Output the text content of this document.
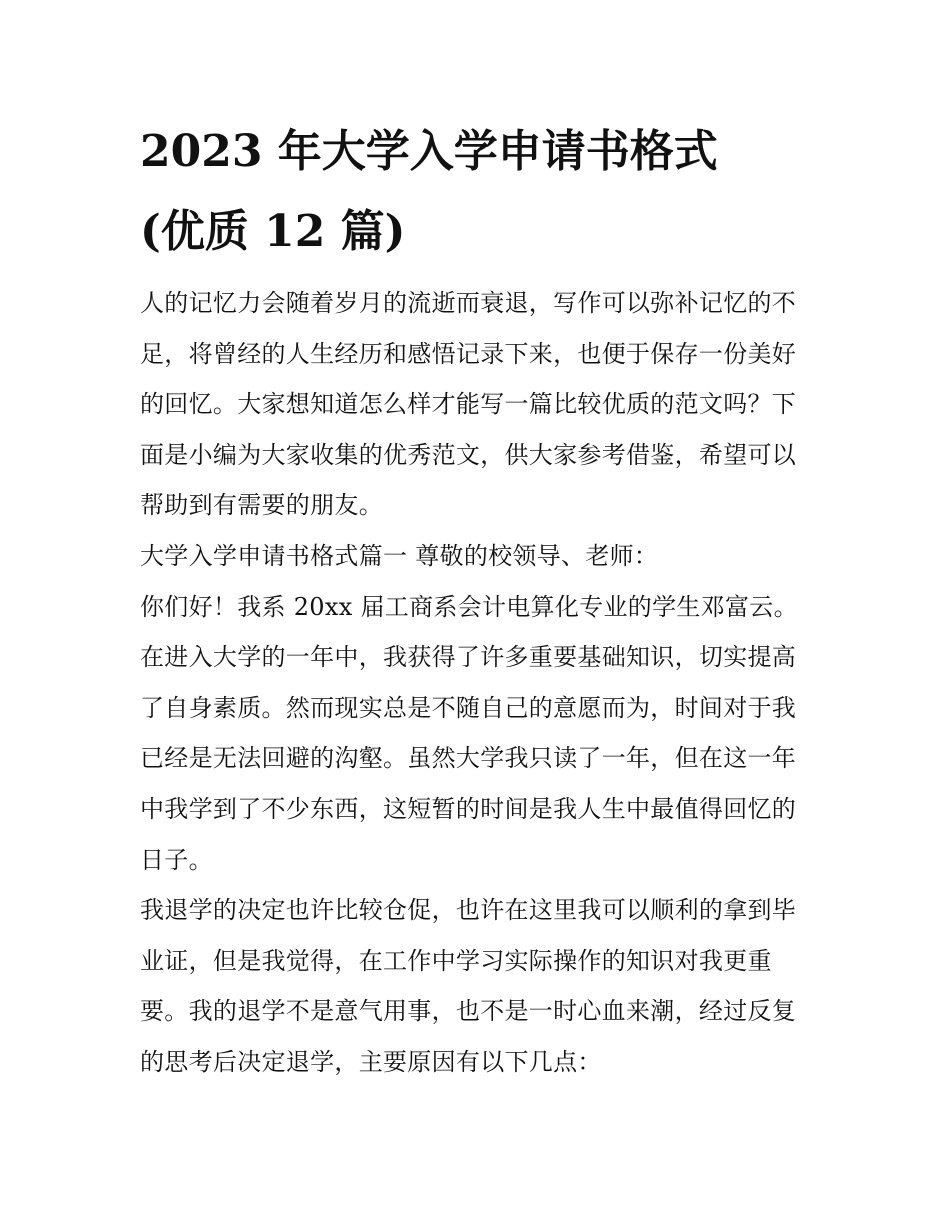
2023 年大学入学申请书格式
(优质 12 篇)
人的记忆力会随着岁月的流逝而衰退，写作可以弥补记忆的不
足，将曾经的人生经历和感悟记录下来，也便于保存一份美好
的回忆。大家想知道怎么样才能写一篇比较优质的范文吗？下
面是小编为大家收集的优秀范文，供大家参考借鉴，希望可以
帮助到有需要的朋友。
大学入学申请书格式篇一 尊敬的校领导、老师：
你们好！我系 20xx 届工商系会计电算化专业的学生邓富云。
在进入大学的一年中，我获得了许多重要基础知识，切实提高
了自身素质。然而现实总是不随自己的意愿而为，时间对于我
已经是无法回避的沟壑。虽然大学我只读了一年，但在这一年
中我学到了不少东西，这短暂的时间是我人生中最值得回忆的
日子。
我退学的决定也许比较仓促，也许在这里我可以顺利的拿到毕
业证，但是我觉得，在工作中学习实际操作的知识对我更重
要。我的退学不是意气用事，也不是一时心血来潮，经过反复
的思考后决定退学，主要原因有以下几点：
